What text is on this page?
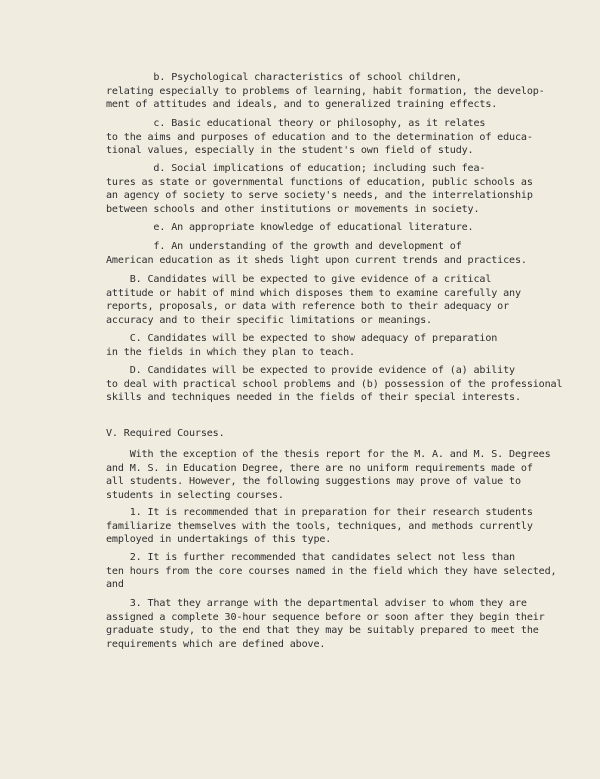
b. Psychological characteristics of school children,
relating especially to problems of learning, habit formation, the develop-
ment of attitudes and ideals, and to generalized training effects.
c. Basic educational theory or philosophy, as it relates
to the aims and purposes of education and to the determination of educa-
tional values, especially in the student's own field of study.
d. Social implications of education; including such fea-
tures as state or governmental functions of education, public schools as
an agency of society to serve society's needs, and the interrelationship
between schools and other institutions or movements in society.
e. An appropriate knowledge of educational literature.
f. An understanding of the growth and development of
American education as it sheds light upon current trends and practices.
B. Candidates will be expected to give evidence of a critical
attitude or habit of mind which disposes them to examine carefully any
reports, proposals, or data with reference both to their adequacy or
accuracy and to their specific limitations or meanings.
C. Candidates will be expected to show adequacy of preparation
in the fields in which they plan to teach.
D. Candidates will be expected to provide evidence of (a) ability
to deal with practical school problems and (b) possession of the professional
skills and techniques needed in the fields of their special interests.
V. Required Courses.
With the exception of the thesis report for the M. A. and M. S. Degrees
and M. S. in Education Degree, there are no uniform requirements made of
all students. However, the following suggestions may prove of value to
students in selecting courses.
1. It is recommended that in preparation for their research students
familiarize themselves with the tools, techniques, and methods currently
employed in undertakings of this type.
2. It is further recommended that candidates select not less than
ten hours from the core courses named in the field which they have selected,
and
3. That they arrange with the departmental adviser to whom they are
assigned a complete 30-hour sequence before or soon after they begin their
graduate study, to the end that they may be suitably prepared to meet the
requirements which are defined above.
